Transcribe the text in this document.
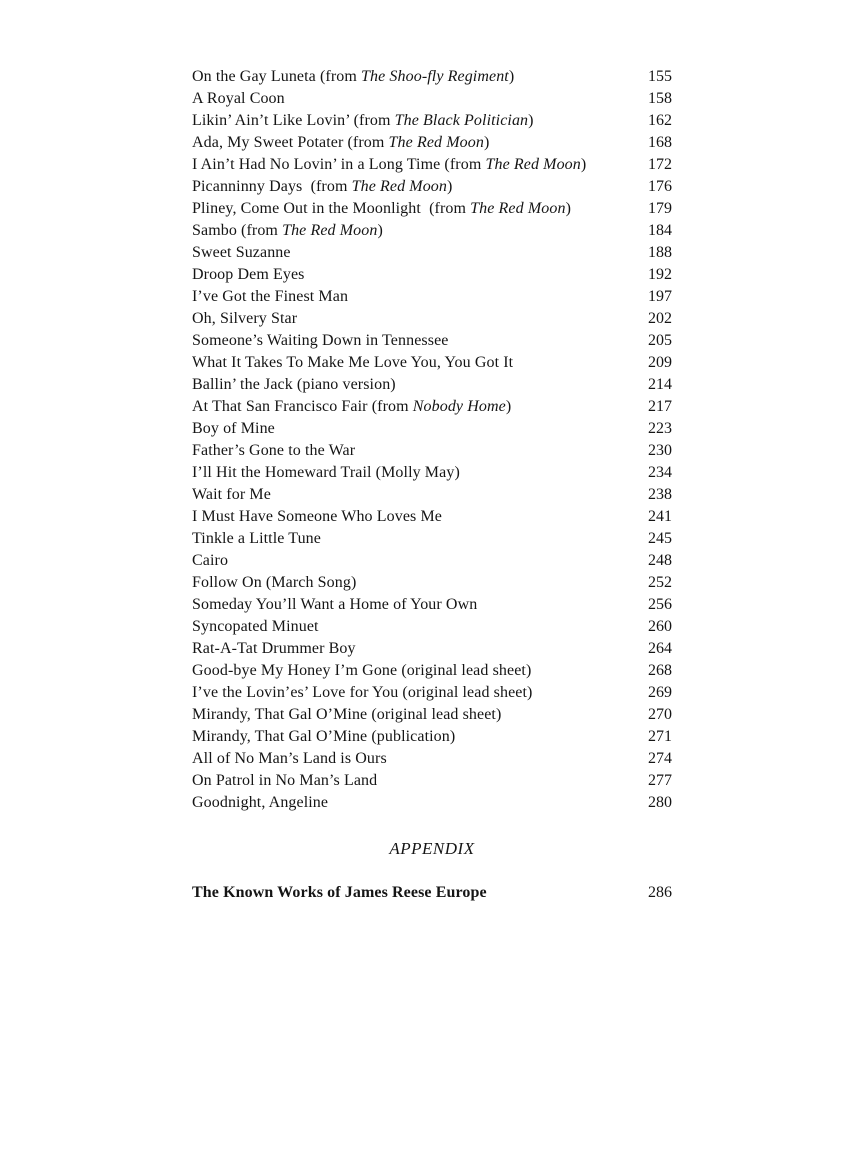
On the Gay Luneta (from The Shoo-fly Regiment)	155
A Royal Coon	158
Likin’ Ain’t Like Lovin’ (from The Black Politician)	162
Ada, My Sweet Potater (from The Red Moon)	168
I Ain’t Had No Lovin’ in a Long Time (from The Red Moon)	172
Picanninny Days  (from The Red Moon)	176
Pliney, Come Out in the Moonlight  (from The Red Moon)	179
Sambo (from The Red Moon)	184
Sweet Suzanne	188
Droop Dem Eyes	192
I’ve Got the Finest Man	197
Oh, Silvery Star	202
Someone’s Waiting Down in Tennessee	205
What It Takes To Make Me Love You, You Got It	209
Ballin’ the Jack (piano version)	214
At That San Francisco Fair (from Nobody Home)	217
Boy of Mine	223
Father’s Gone to the War	230
I’ll Hit the Homeward Trail (Molly May)	234
Wait for Me	238
I Must Have Someone Who Loves Me	241
Tinkle a Little Tune	245
Cairo	248
Follow On (March Song)	252
Someday You’ll Want a Home of Your Own	256
Syncopated Minuet	260
Rat-A-Tat Drummer Boy	264
Good-bye My Honey I’m Gone (original lead sheet)	268
I’ve the Lovin’es’ Love for You (original lead sheet)	269
Mirandy, That Gal O’Mine (original lead sheet)	270
Mirandy, That Gal O’Mine (publication)	271
All of No Man’s Land is Ours	274
On Patrol in No Man’s Land	277
Goodnight, Angeline	280
APPENDIX
The Known Works of James Reese Europe	286
